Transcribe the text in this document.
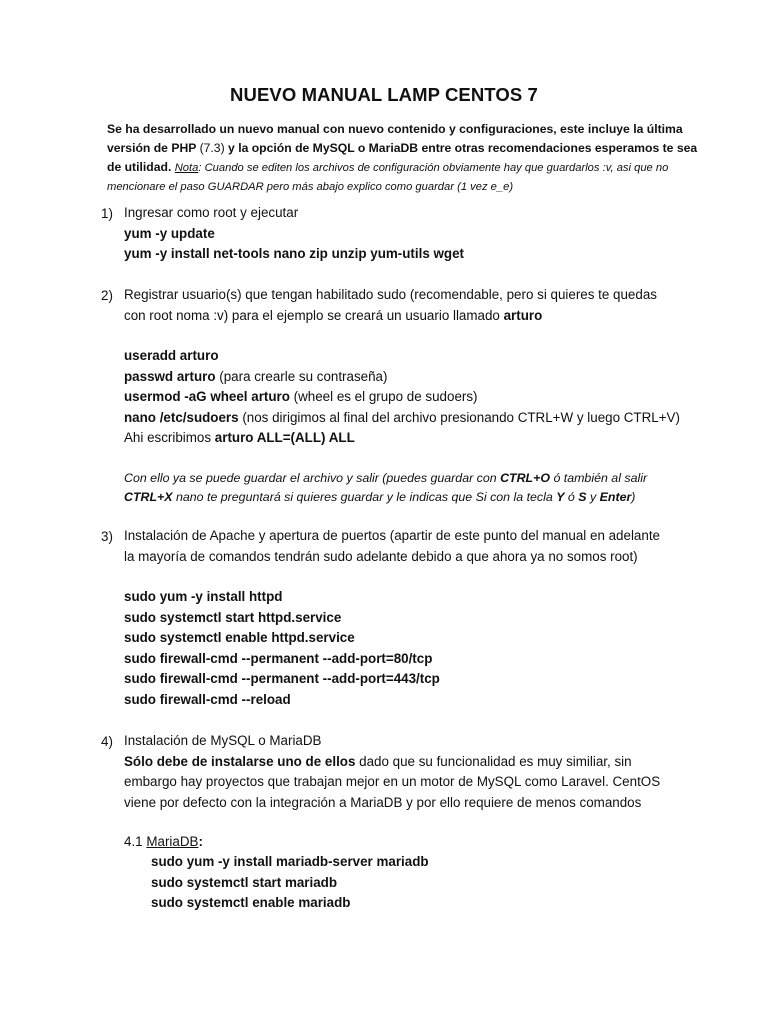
NUEVO MANUAL LAMP CENTOS 7
Se ha desarrollado un nuevo manual con nuevo contenido y configuraciones, este incluye la última
versión de PHP (7.3) y la opción de MySQL o MariaDB entre otras recomendaciones esperamos te sea
de utilidad. Nota: Cuando se editen los archivos de configuración obviamente hay que guardarlos :v, asi que no
mencionare el paso GUARDAR pero más abajo explico como guardar (1 vez e_e)
1) Ingresar como root y ejecutar
yum -y update
yum -y install net-tools nano zip unzip yum-utils wget
2) Registrar usuario(s) que tengan habilitado sudo (recomendable, pero si quieres te quedas
con root noma :v) para el ejemplo se creará un usuario llamado arturo
useradd arturo
passwd arturo (para crearle su contraseña)
usermod -aG wheel arturo (wheel es el grupo de sudoers)
nano /etc/sudoers (nos dirigimos al final del archivo presionando CTRL+W y luego CTRL+V)
Ahi escribimos arturo ALL=(ALL) ALL
Con ello ya se puede guardar el archivo y salir (puedes guardar con CTRL+O ó también al salir
CTRL+X nano te preguntará si quieres guardar y le indicas que Si con la tecla Y ó S y Enter)
3) Instalación de Apache y apertura de puertos (apartir de este punto del manual en adelante
la mayoría de comandos tendrán sudo adelante debido a que ahora ya no somos root)
sudo yum -y install httpd
sudo systemctl start httpd.service
sudo systemctl enable httpd.service
sudo firewall-cmd --permanent --add-port=80/tcp
sudo firewall-cmd --permanent --add-port=443/tcp
sudo firewall-cmd --reload
4) Instalación de MySQL o MariaDB
Sólo debe de instalarse uno de ellos dado que su funcionalidad es muy similiar, sin
embargo hay proyectos que trabajan mejor en un motor de MySQL como Laravel. CentOS
viene por defecto con la integración a MariaDB y por ello requiere de menos comandos
4.1 MariaDB:
sudo yum -y install mariadb-server mariadb
sudo systemctl start mariadb
sudo systemctl enable mariadb
